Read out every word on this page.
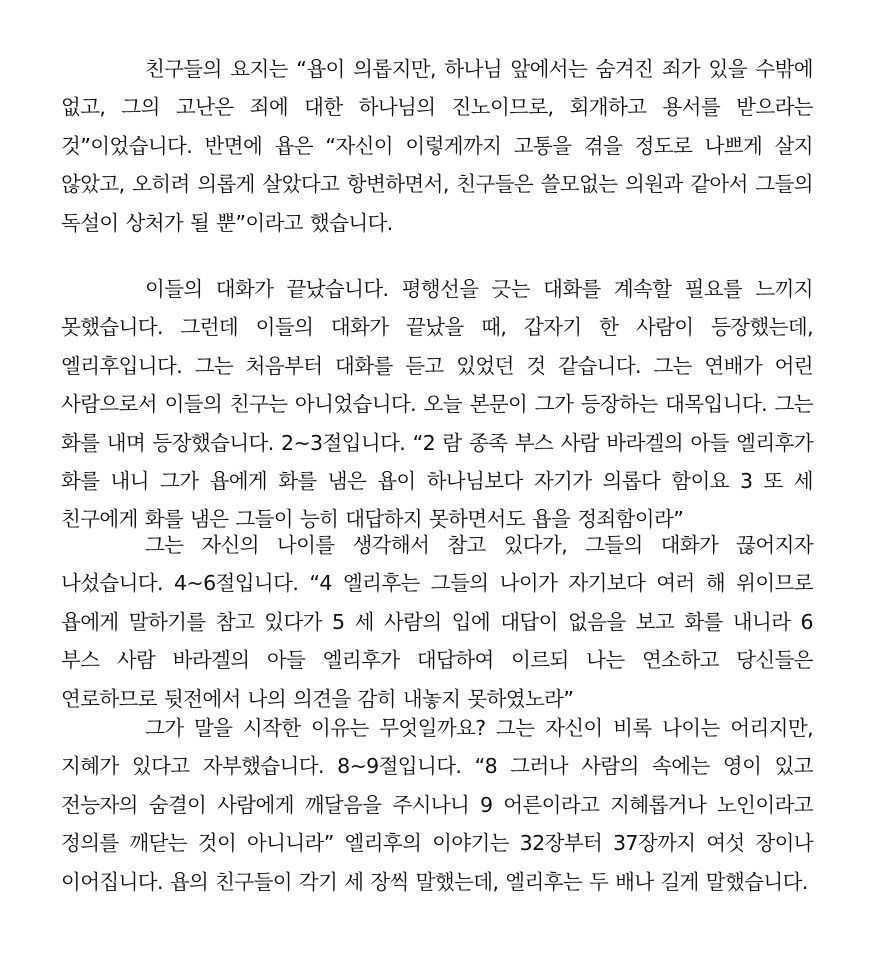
친구들의 요지는 “욥이 의롭지만, 하나님 앞에서는 숨겨진 죄가 있을 수밖에 없고, 그의 고난은 죄에 대한 하나님의 진노이므로, 회개하고 용서를 받으라는 것”이었습니다. 반면에 욥은 “자신이 이렇게까지 고통을 겪을 정도로 나쁘게 살지 않았고, 오히려 의롭게 살았다고 항변하면서, 친구들은 쓸모없는 의원과 같아서 그들의 독설이 상처가 될 뿐”이라고 했습니다.

이들의 대화가 끝났습니다. 평행선을 긋는 대화를 계속할 필요를 느끼지 못했습니다. 그런데 이들의 대화가 끝났을 때, 갑자기 한 사람이 등장했는데, 엘리후입니다. 그는 처음부터 대화를 듣고 있었던 것 같습니다. 그는 연배가 어린 사람으로서 이들의 친구는 아니었습니다. 오늘 본문이 그가 등장하는 대목입니다. 그는 화를 내며 등장했습니다. 2~3절입니다. “2 람 종족 부스 사람 바라겔의 아들 엘리후가 화를 내니 그가 욥에게 화를 냄은 욥이 하나님보다 자기가 의롭다 함이요 3 또 세 친구에게 화를 냄은 그들이 능히 대답하지 못하면서도 욥을 정죄함이라”

그는 자신의 나이를 생각해서 참고 있다가, 그들의 대화가 끊어지자 나섰습니다. 4~6절입니다. “4 엘리후는 그들의 나이가 자기보다 여러 해 위이므로 욥에게 말하기를 참고 있다가 5 세 사람의 입에 대답이 없음을 보고 화를 내니라 6 부스 사람 바라겔의 아들 엘리후가 대답하여 이르되 나는 연소하고 당신들은 연로하므로 뒷전에서 나의 의견을 감히 내놓지 못하였노라”

그가 말을 시작한 이유는 무엇일까요? 그는 자신이 비록 나이는 어리지만, 지혜가 있다고 자부했습니다. 8~9절입니다. “8 그러나 사람의 속에는 영이 있고 전능자의 숨결이 사람에게 깨달음을 주시나니 9 어른이라고 지혜롭거나 노인이라고 정의를 깨닫는 것이 아니니라” 엘리후의 이야기는 32장부터 37장까지 여섯 장이나 이어집니다. 욥의 친구들이 각기 세 장씩 말했는데, 엘리후는 두 배나 길게 말했습니다.
